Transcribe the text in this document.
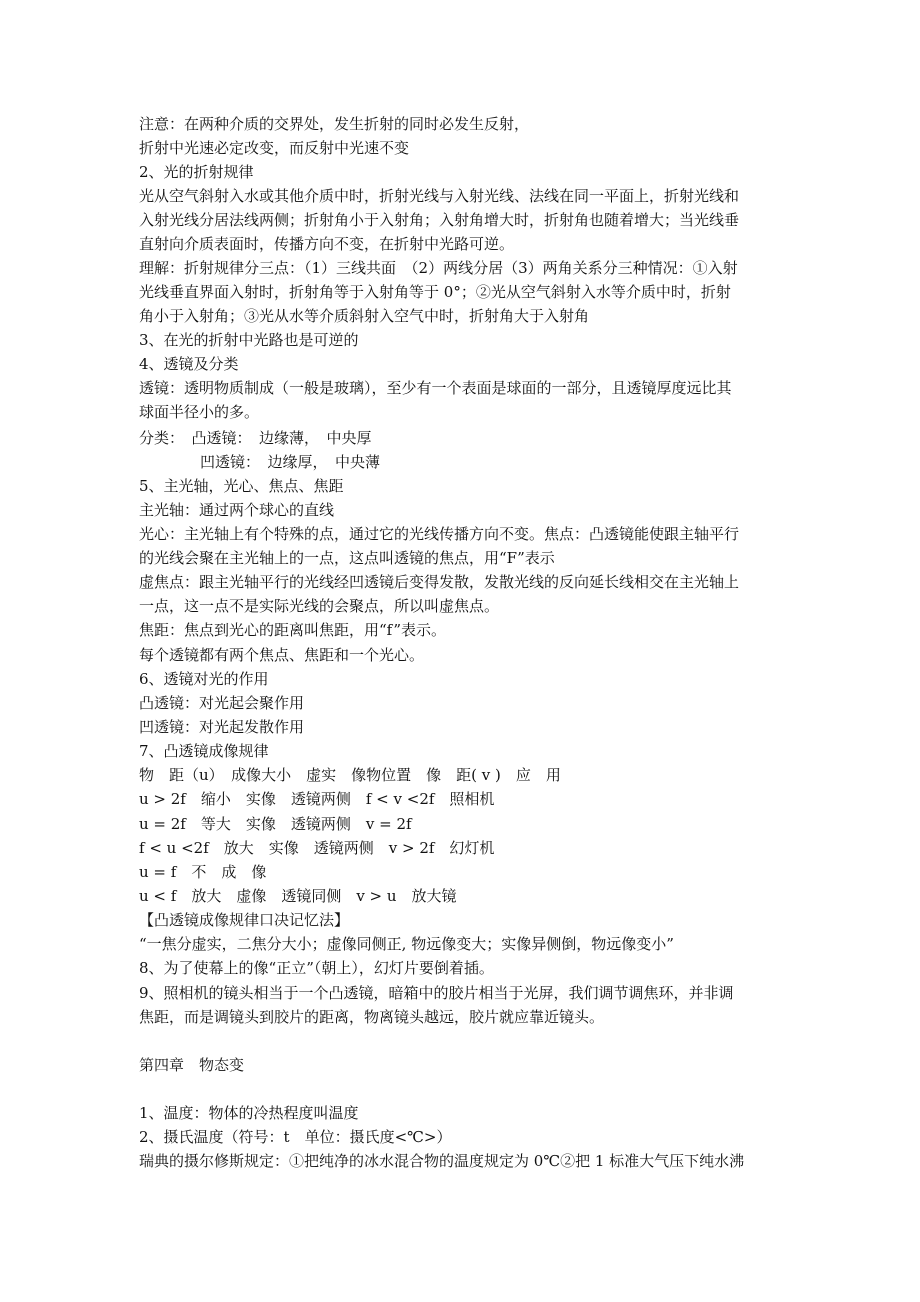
注意：在两种介质的交界处，发生折射的同时必发生反射，
折射中光速必定改变，而反射中光速不变
2、光的折射规律
光从空气斜射入水或其他介质中时，折射光线与入射光线、法线在同一平面上，折射光线和
入射光线分居法线两侧；折射角小于入射角；入射角增大时，折射角也随着增大；当光线垂
直射向介质表面时，传播方向不变，在折射中光路可逆。
理解：折射规律分三点：（1）三线共面　（2）两线分居（3）两角关系分三种情况：①入射
光线垂直界面入射时，折射角等于入射角等于 0°；②光从空气斜射入水等介质中时，折射
角小于入射角；③光从水等介质斜射入空气中时，折射角大于入射角
3、在光的折射中光路也是可逆的
4、透镜及分类
透镜：透明物质制成（一般是玻璃），至少有一个表面是球面的一部分，且透镜厚度远比其
球面半径小的多。
分类：　凸透镜：　边缘薄，　中央厚
凹透镜：　边缘厚，　中央薄
5、主光轴，光心、焦点、焦距
主光轴：通过两个球心的直线
光心：主光轴上有个特殊的点，通过它的光线传播方向不变。焦点：凸透镜能使跟主轴平行
的光线会聚在主光轴上的一点，这点叫透镜的焦点，用“F”表示
虚焦点：跟主光轴平行的光线经凹透镜后变得发散，发散光线的反向延长线相交在主光轴上
一点，这一点不是实际光线的会聚点，所以叫虚焦点。
焦距：焦点到光心的距离叫焦距，用“f”表示。
每个透镜都有两个焦点、焦距和一个光心。
6、透镜对光的作用
凸透镜：对光起会聚作用
凹透镜：对光起发散作用
7、凸透镜成像规律
物　距（u）　成像大小　虚实　像物位置　像　距( v )　应　用
u > 2f　缩小　实像　透镜两侧　f < v <2f　照相机
u = 2f　等大　实像　透镜两侧　v = 2f
f < u <2f　放大　实像　透镜两侧　v > 2f　幻灯机
u = f　不　成　像
u < f　放大　虚像　透镜同侧　v > u　放大镜
【凸透镜成像规律口决记忆法】
“一焦分虚实，二焦分大小；虚像同侧正, 物远像变大；实像异侧倒，物远像变小”
8、为了使幕上的像“正立”（朝上），幻灯片要倒着插。
9、照相机的镜头相当于一个凸透镜，暗箱中的胶片相当于光屏，我们调节调焦环，并非调
焦距，而是调镜头到胶片的距离，物离镜头越远，胶片就应靠近镜头。
第四章　物态变
1、温度：物体的冷热程度叫温度
2、摄氏温度（符号：t　单位：摄氏度<℃>）
瑞典的摄尔修斯规定：①把纯净的冰水混合物的温度规定为 0℃②把 1 标准大气压下纯水沸
